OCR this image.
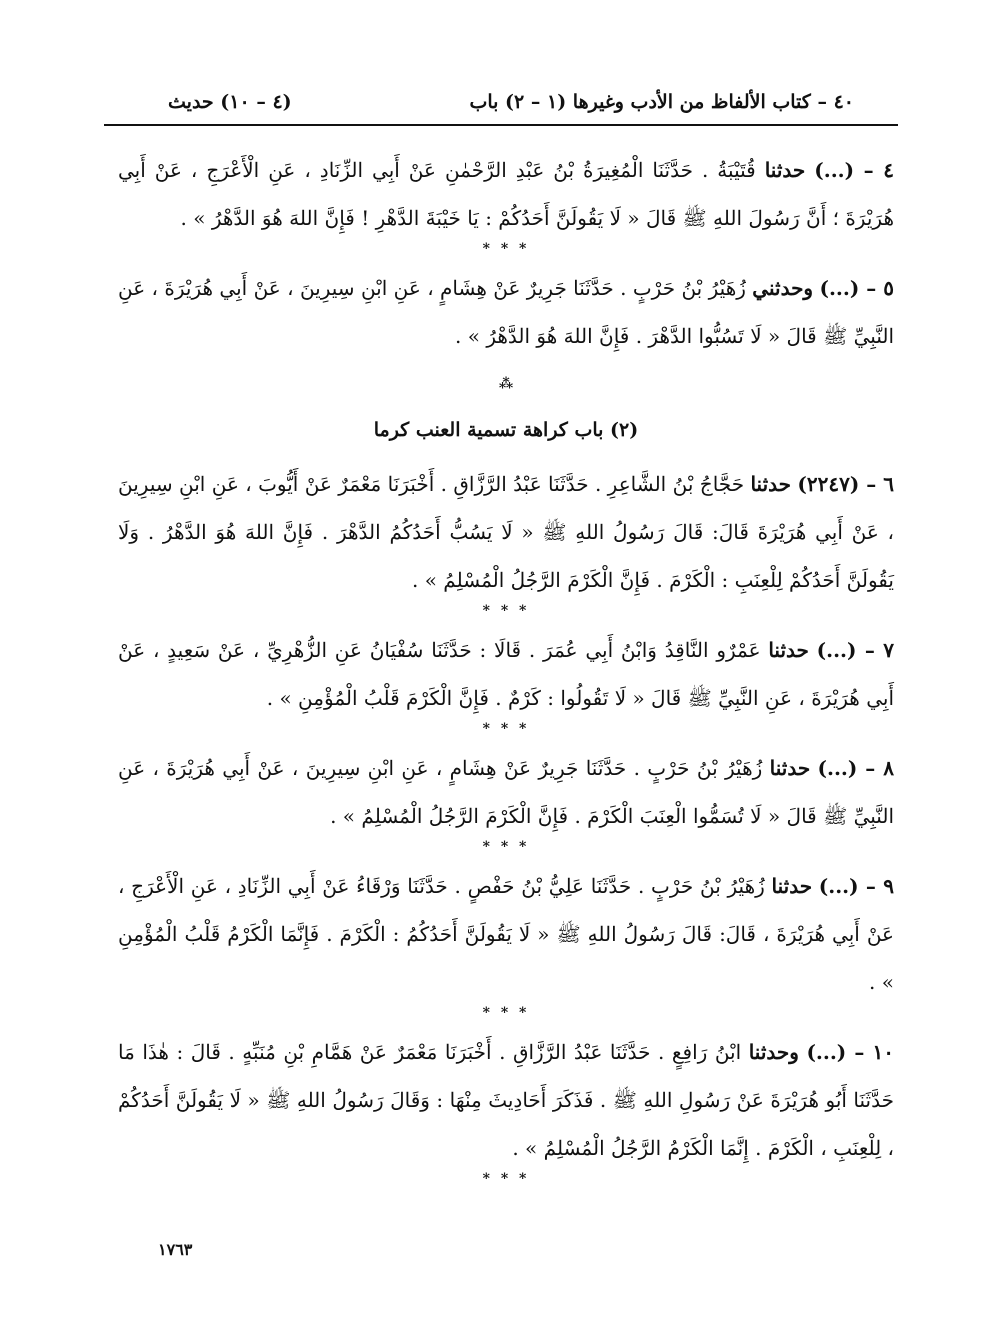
٤٠ – كتاب الألفاظ من الأدب وغيرها (١ – ٢) باب
(٤ – ١٠) حديث

٤ – (...) حدثنا قُتَيْبَةُ . حَدَّثَنَا الْمُغِيرَةُ بْنُ عَبْدِ الرَّحْمٰنِ عَنْ أَبِي الزِّنَادِ ، عَنِ الْأَعْرَجِ ، عَنْ أَبِي هُرَيْرَةَ ؛ أَنَّ رَسُولَ اللهِ ﷺ قَالَ « لَا يَقُولَنَّ أَحَدُكُمْ : يَا خَيْبَةَ الدَّهْرِ ! فَإِنَّ اللهَ هُوَ الدَّهْرُ » .

* * *

٥ – (...) وحدثني زُهَيْرُ بْنُ حَرْبٍ . حَدَّثَنَا جَرِيرٌ عَنْ هِشَامٍ ، عَنِ ابْنِ سِيرِينَ ، عَنْ أَبِي هُرَيْرَةَ ، عَنِ النَّبِيِّ ﷺ قَالَ « لَا تَسُبُّوا الدَّهْرَ . فَإِنَّ اللهَ هُوَ الدَّهْرُ » .

⁂
(٢) باب كراهة تسمية العنب كرما

٦ – (٢٢٤٧) حدثنا حَجَّاجُ بْنُ الشَّاعِرِ . حَدَّثَنَا عَبْدُ الرَّزَّاقِ . أَخْبَرَنَا مَعْمَرٌ عَنْ أَيُّوبَ ، عَنِ ابْنِ سِيرِينَ ، عَنْ أَبِي هُرَيْرَةَ قَالَ: قَالَ رَسُولُ اللهِ ﷺ « لَا يَسُبُّ أَحَدُكُمُ الدَّهْرَ . فَإِنَّ اللهَ هُوَ الدَّهْرُ . وَلَا يَقُولَنَّ أَحَدُكُمْ لِلْعِنَبِ : الْكَرْمَ . فَإِنَّ الْكَرْمَ الرَّجُلُ الْمُسْلِمُ » .

* * *

٧ – (...) حدثنا عَمْرٌو النَّاقِدُ وَابْنُ أَبِي عُمَرَ . قَالَا : حَدَّثَنَا سُفْيَانُ عَنِ الزُّهْرِيِّ ، عَنْ سَعِيدٍ ، عَنْ أَبِي هُرَيْرَةَ ، عَنِ النَّبِيِّ ﷺ قَالَ « لَا تَقُولُوا : كَرْمٌ . فَإِنَّ الْكَرْمَ قَلْبُ الْمُؤْمِنِ » .

* * *

٨ – (...) حدثنا زُهَيْرُ بْنُ حَرْبٍ . حَدَّثَنَا جَرِيرٌ عَنْ هِشَامٍ ، عَنِ ابْنِ سِيرِينَ ، عَنْ أَبِي هُرَيْرَةَ ، عَنِ النَّبِيِّ ﷺ قَالَ « لَا تُسَمُّوا الْعِنَبَ الْكَرْمَ . فَإِنَّ الْكَرْمَ الرَّجُلُ الْمُسْلِمُ » .

* * *

٩ – (...) حدثنا زُهَيْرُ بْنُ حَرْبٍ . حَدَّثَنَا عَلِيُّ بْنُ حَفْصٍ . حَدَّثَنَا وَرْقَاءُ عَنْ أَبِي الزِّنَادِ ، عَنِ الْأَعْرَجِ ، عَنْ أَبِي هُرَيْرَةَ ، قَالَ: قَالَ رَسُولُ اللهِ ﷺ « لَا يَقُولَنَّ أَحَدُكُمُ : الْكَرْمَ . فَإِنَّمَا الْكَرْمُ قَلْبُ الْمُؤْمِنِ » .

* * *

١٠ – (...) وحدثنا ابْنُ رَافِعٍ . حَدَّثَنَا عَبْدُ الرَّزَّاقِ . أَخْبَرَنَا مَعْمَرٌ عَنْ هَمَّامِ بْنِ مُنَبِّهٍ . قَالَ : هٰذَا مَا حَدَّثَنَا أَبُو هُرَيْرَةَ عَنْ رَسُولِ اللهِ ﷺ . فَذَكَرَ أَحَادِيثَ مِنْهَا : وَقَالَ رَسُولُ اللهِ ﷺ « لَا يَقُولَنَّ أَحَدُكُمْ ، لِلْعِنَبِ ، الْكَرْمَ . إِنَّمَا الْكَرْمُ الرَّجُلُ الْمُسْلِمُ » .

* * *
١٧٦٣
